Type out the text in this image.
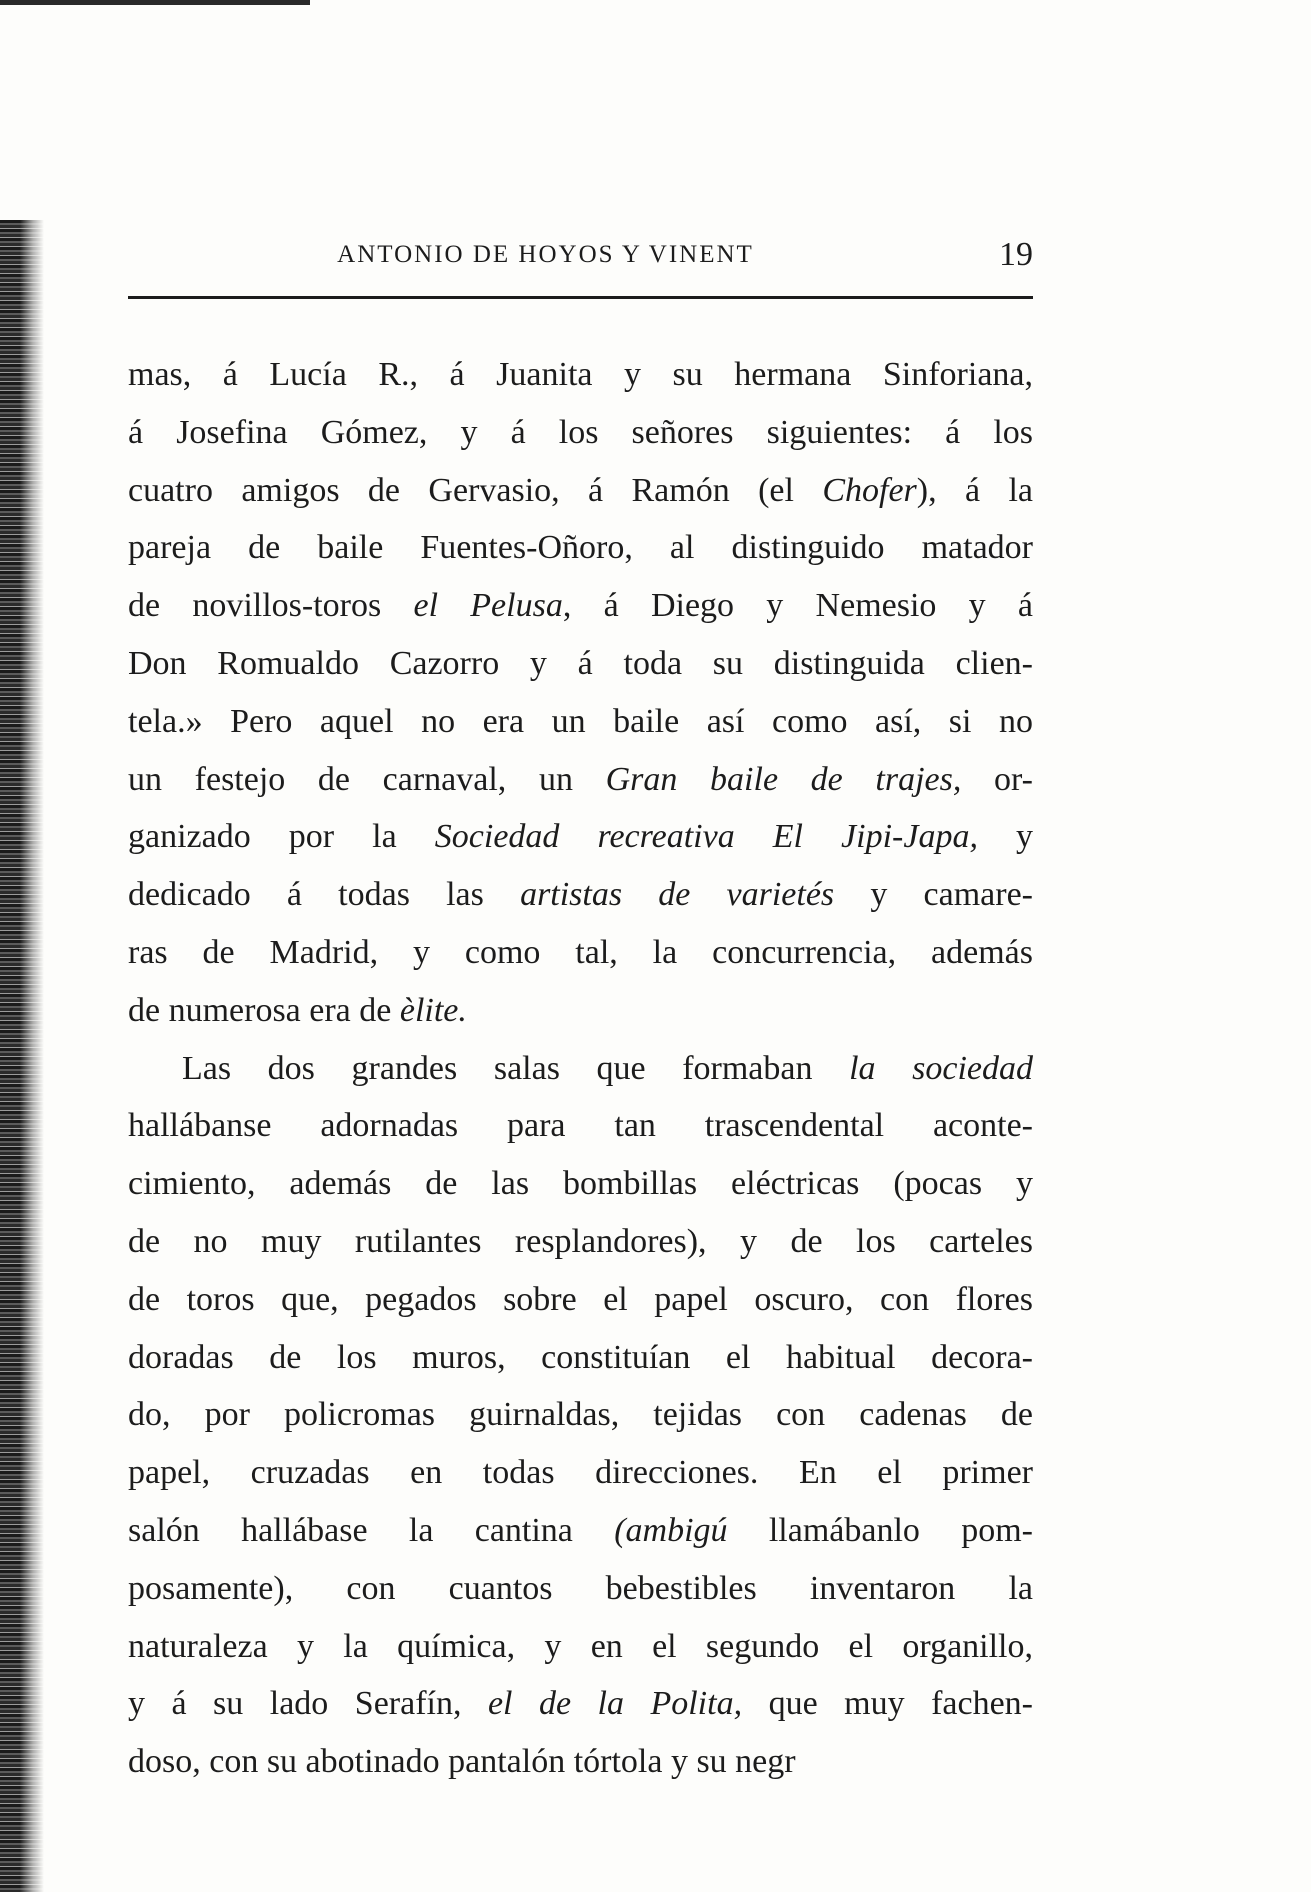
ANTONIO DE HOYOS Y VINENT	19
mas, á Lucía R., á Juanita y su hermana Sinforiana,
á Josefina Gómez, y á los señores siguientes: á los
cuatro amigos de Gervasio, á Ramón (el Chofer), á la
pareja de baile Fuentes-Oñoro, al distinguido matador
de novillos-toros el Pelusa, á Diego y Nemesio y á
Don Romualdo Cazorro y á toda su distinguida clien-
tela.» Pero aquel no era un baile así como así, si no
un festejo de carnaval, un Gran baile de trajes, or-
ganizado por la Sociedad recreativa El Jipi-Japa, y
dedicado á todas las artistas de varietés y camare-
ras de Madrid, y como tal, la concurrencia, además
de numerosa era de èlite.
Las dos grandes salas que formaban la sociedad
hallábanse adornadas para tan trascendental aconte-
cimiento, además de las bombillas eléctricas (pocas y
de no muy rutilantes resplandores), y de los carteles
de toros que, pegados sobre el papel oscuro, con flores
doradas de los muros, constituían el habitual decora-
do, por policromas guirnaldas, tejidas con cadenas de
papel, cruzadas en todas direcciones. En el primer
salón hallábase la cantina (ambigú llamábanlo pom-
posamente), con cuantos bebestibles inventaron la
naturaleza y la química, y en el segundo el organillo,
y á su lado Serafín, el de la Polita, que muy fachen-
doso, con su abotinado pantalón tórtola y su negr
